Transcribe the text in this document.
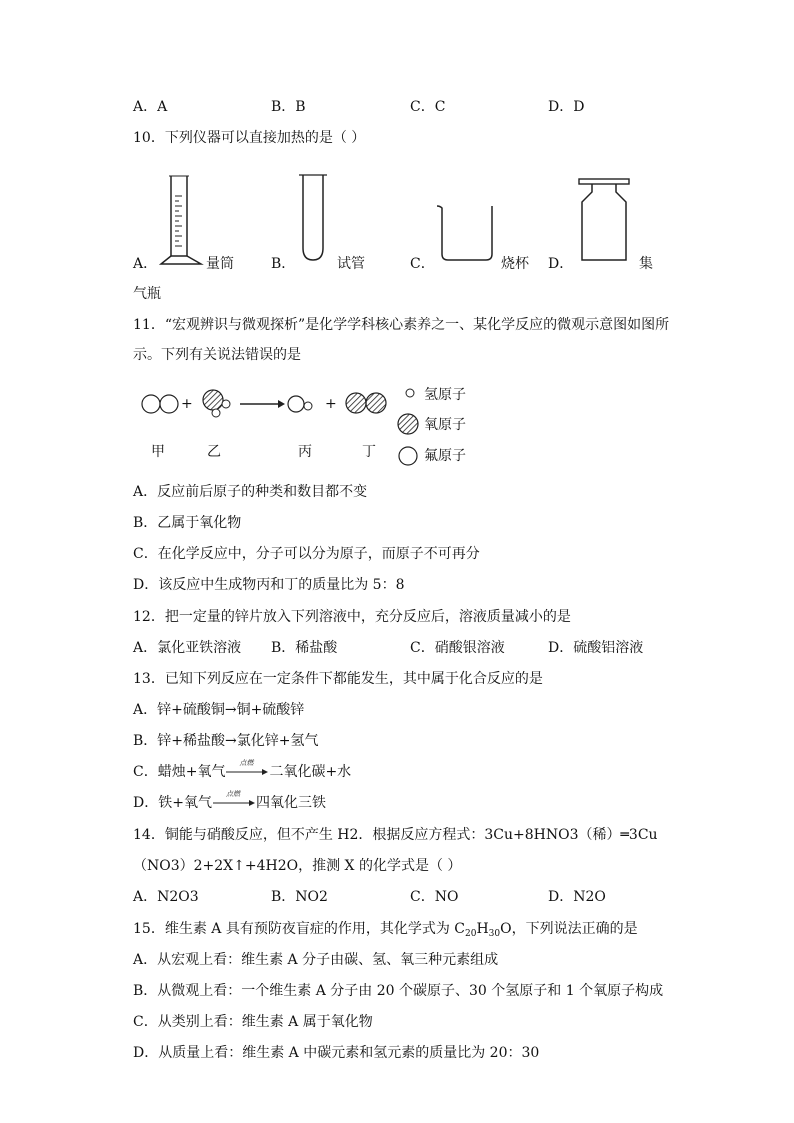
A．A	B．B	C．C	D．D
10．下列仪器可以直接加热的是（ ）
A．	量筒	B．	试管	C．	烧杯 D．	集
气瓶
11．“宏观辨识与微观探析”是化学学科核心素养之一、某化学反应的微观示意图如图所
示。下列有关说法错误的是
+	+
氢原子
氧原子
氟原子
甲	乙	丙	丁
A．反应前后原子的种类和数目都不变
B．乙属于氧化物
C．在化学反应中，分子可以分为原子，而原子不可再分
D．该反应中生成物丙和丁的质量比为 5：8
12．把一定量的锌片放入下列溶液中，充分反应后，溶液质量减小的是
A．氯化亚铁溶液 B．稀盐酸	C．硝酸银溶液	D．硫酸铝溶液
13．已知下列反应在一定条件下都能发生，其中属于化合反应的是
A．锌+硫酸铜→铜+硫酸锌
B．锌+稀盐酸→氯化锌+氢气
C．蜡烛+氧气
点燃
二氧化碳+水
D．铁+氧气
点燃
四氧化三铁
14．铜能与硝酸反应，但不产生 H2．根据反应方程式：3Cu+8HNO3（稀）═3Cu
（NO3）2+2X↑+4H2O，推测 X 的化学式是（ ）
A．N2O3	B．NO2	C．NO	D．N2O
15．维生素 A 具有预防夜盲症的作用，其化学式为 $C_{20}H_{30}O$，下列说法正确的是
A．从宏观上看：维生素 A 分子由碳、氢、氧三种元素组成
B．从微观上看：一个维生素 A 分子由 20 个碳原子、30 个氢原子和 1 个氧原子构成
C．从类别上看：维生素 A 属于氧化物
D．从质量上看：维生素 A 中碳元素和氢元素的质量比为 20：30
